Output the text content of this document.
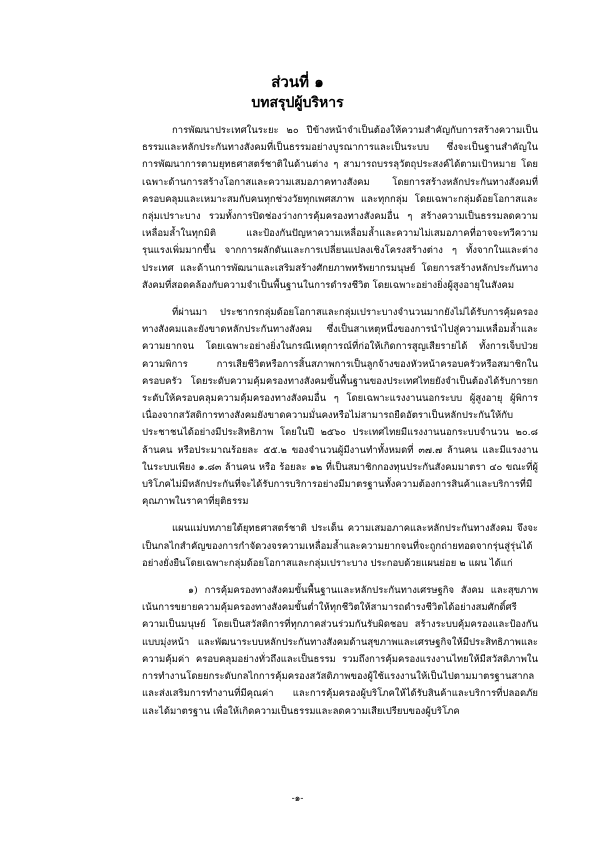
ส่วนที่ ๑
บทสรุปผู้บริหาร

การพัฒนาประเทศในระยะ ๒๐ ปีข้างหน้าจำเป็นต้องให้ความสำคัญกับการสร้างความเป็นธรรมและหลักประกันทางสังคมที่เป็นธรรมอย่างบูรณาการและเป็นระบบ ซึ่งจะเป็นฐานสำคัญในการพัฒนาการตามยุทธศาสตร์ชาติในด้านต่าง ๆ สามารถบรรลุวัตถุประสงค์ได้ตามเป้าหมาย โดยเฉพาะด้านการสร้างโอกาสและความเสมอภาคทางสังคม โดยการสร้างหลักประกันทางสังคมที่ครอบคลุมและเหมาะสมกับคนทุกช่วงวัยทุกเพศสภาพ และทุกกลุ่ม โดยเฉพาะกลุ่มด้อยโอกาสและกลุ่มเปราะบาง รวมทั้งการปิดช่องว่างการคุ้มครองทางสังคมอื่น ๆ สร้างความเป็นธรรมลดความเหลื่อมล้ำในทุกมิติ และป้องกันปัญหาความเหลื่อมล้ำและความไม่เสมอภาคที่อาจจะทวีความรุนแรงเพิ่มมากขึ้น จากการผลักดันและการเปลี่ยนแปลงเชิงโครงสร้างต่าง ๆ ทั้งจากในและต่างประเทศ และด้านการพัฒนาและเสริมสร้างศักยภาพทรัพยากรมนุษย์ โดยการสร้างหลักประกันทางสังคมที่สอดคล้องกับความจำเป็นพื้นฐานในการดำรงชีวิต โดยเฉพาะอย่างยิ่งผู้สูงอายุในสังคม

ที่ผ่านมา ประชากรกลุ่มด้อยโอกาสและกลุ่มเปราะบางจำนวนมากยังไม่ได้รับการคุ้มครองทางสังคมและยังขาดหลักประกันทางสังคม ซึ่งเป็นสาเหตุหนึ่งของการนำไปสู่ความเหลื่อมล้ำและความยากจน โดยเฉพาะอย่างยิ่งในกรณีเหตุการณ์ที่ก่อให้เกิดการสูญเสียรายได้ ทั้งการเจ็บป่วย ความพิการ การเสียชีวิตหรือการสิ้นสภาพการเป็นลูกจ้างของหัวหน้าครอบครัวหรือสมาชิกในครอบครัว โดยระดับความคุ้มครองทางสังคมขั้นพื้นฐานของประเทศไทยยังจำเป็นต้องได้รับการยกระดับให้ครอบคลุมความคุ้มครองทางสังคมอื่น ๆ โดยเฉพาะแรงงานนอกระบบ ผู้สูงอายุ ผู้พิการ เนื่องจากสวัสดิการทางสังคมยังขาดความมั่นคงหรือไม่สามารถยืดอัตราเป็นหลักประกันให้กับประชาชนได้อย่างมีประสิทธิภาพ โดยในปี ๒๕๖๐ ประเทศไทยมีแรงงานนอกระบบจำนวน ๒๐.๘ ล้านคน หรือประมาณร้อยละ ๕๕.๒ ของจำนวนผู้มีงานทำทั้งหมดที่ ๓๗.๗ ล้านคน และมีแรงงานในระบบเพียง ๑.๘๓ ล้านคน หรือ ร้อยละ ๑๒ ที่เป็นสมาชิกกองทุนประกันสังคมมาตรา ๔๐ ขณะที่ผู้บริโภคไม่มีหลักประกันที่จะได้รับการบริการอย่างมีมาตรฐานทั้งความต้องการสินค้าและบริการที่มีคุณภาพในราคาที่ยุติธรรม

แผนแม่บทภายใต้ยุทธศาสตร์ชาติ ประเด็น ความเสมอภาคและหลักประกันทางสังคม จึงจะเป็นกลไกสำคัญของการกำจัดวงจรความเหลื่อมล้ำและความยากจนที่จะถูกถ่ายทอดจากรุ่นสู่รุ่นได้อย่างยั่งยืนโดยเฉพาะกลุ่มด้อยโอกาสและกลุ่มเปราะบาง ประกอบด้วยแผนย่อย ๒ แผน ได้แก่

๑) การคุ้มครองทางสังคมขั้นพื้นฐานและหลักประกันทางเศรษฐกิจ สังคม และสุขภาพ เน้นการขยายความคุ้มครองทางสังคมขั้นต่ำให้ทุกชีวิตให้สามารถดำรงชีวิตได้อย่างสมศักดิ์ศรีความเป็นมนุษย์ โดยเป็นสวัสดิการที่ทุกภาคส่วนร่วมกันรับผิดชอบ สร้างระบบคุ้มครองและป้องกันแบบมุ่งหน้า และพัฒนาระบบหลักประกันทางสังคมด้านสุขภาพและเศรษฐกิจให้มีประสิทธิภาพและความคุ้มค่า ครอบคลุมอย่างทั่วถึงและเป็นธรรม รวมถึงการคุ้มครองแรงงานไทยให้มีสวัสดิภาพในการทำงานโดยยกระดับกลไกการคุ้มครองสวัสดิภาพของผู้ใช้แรงงานให้เป็นไปตามมาตรฐานสากล และส่งเสริมการทำงานที่มีคุณค่า และการคุ้มครองผู้บริโภคให้ได้รับสินค้าและบริการที่ปลอดภัยและได้มาตรฐาน เพื่อให้เกิดความเป็นธรรมและลดความเสียเปรียบของผู้บริโภค

-๑-
